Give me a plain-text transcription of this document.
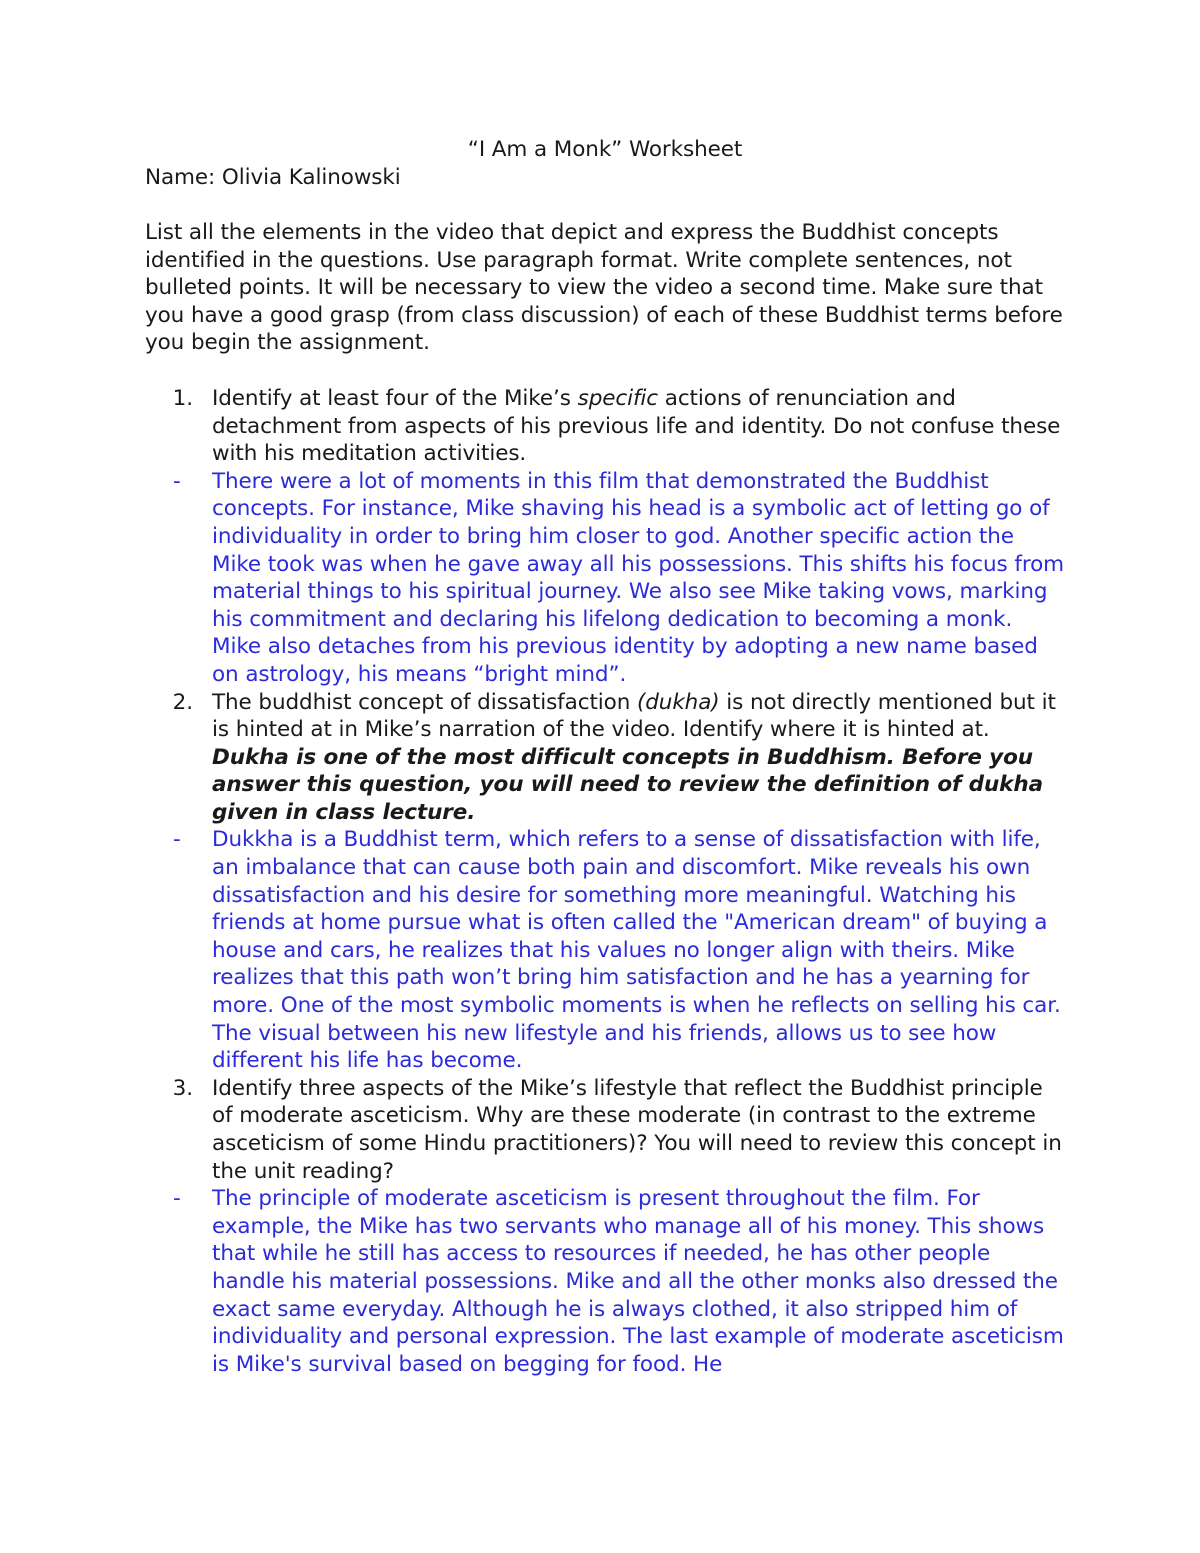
“I Am a Monk” Worksheet

Name: Olivia Kalinowski

List all the elements in the video that depict and express the Buddhist concepts identified in the questions. Use paragraph format. Write complete sentences, not bulleted points. It will be necessary to view the video a second time. Make sure that you have a good grasp (from class discussion) of each of these Buddhist terms before you begin the assignment.

1. Identify at least four of the Mike’s specific actions of renunciation and detachment from aspects of his previous life and identity. Do not confuse these with his meditation activities.
- There were a lot of moments in this film that demonstrated the Buddhist concepts. For instance, Mike shaving his head is a symbolic act of letting go of individuality in order to bring him closer to god. Another specific action the Mike took was when he gave away all his possessions. This shifts his focus from material things to his spiritual journey. We also see Mike taking vows, marking his commitment and declaring his lifelong dedication to becoming a monk. Mike also detaches from his previous identity by adopting a new name based on astrology, his means “bright mind”.
2. The buddhist concept of dissatisfaction (dukha) is not directly mentioned but it is hinted at in Mike’s narration of the video. Identify where it is hinted at. Dukha is one of the most difficult concepts in Buddhism. Before you answer this question, you will need to review the definition of dukha given in class lecture.
- Dukkha is a Buddhist term, which refers to a sense of dissatisfaction with life, an imbalance that can cause both pain and discomfort. Mike reveals his own dissatisfaction and his desire for something more meaningful. Watching his friends at home pursue what is often called the "American dream" of buying a house and cars, he realizes that his values no longer align with theirs. Mike realizes that this path won’t bring him satisfaction and he has a yearning for more. One of the most symbolic moments is when he reflects on selling his car. The visual between his new lifestyle and his friends, allows us to see how different his life has become.
3. Identify three aspects of the Mike’s lifestyle that reflect the Buddhist principle of moderate asceticism. Why are these moderate (in contrast to the extreme asceticism of some Hindu practitioners)? You will need to review this concept in the unit reading?
- The principle of moderate asceticism is present throughout the film. For example, the Mike has two servants who manage all of his money. This shows that while he still has access to resources if needed, he has other people handle his material possessions. Mike and all the other monks also dressed the exact same everyday. Although he is always clothed, it also stripped him of individuality and personal expression. The last example of moderate asceticism is Mike's survival based on begging for food. He
